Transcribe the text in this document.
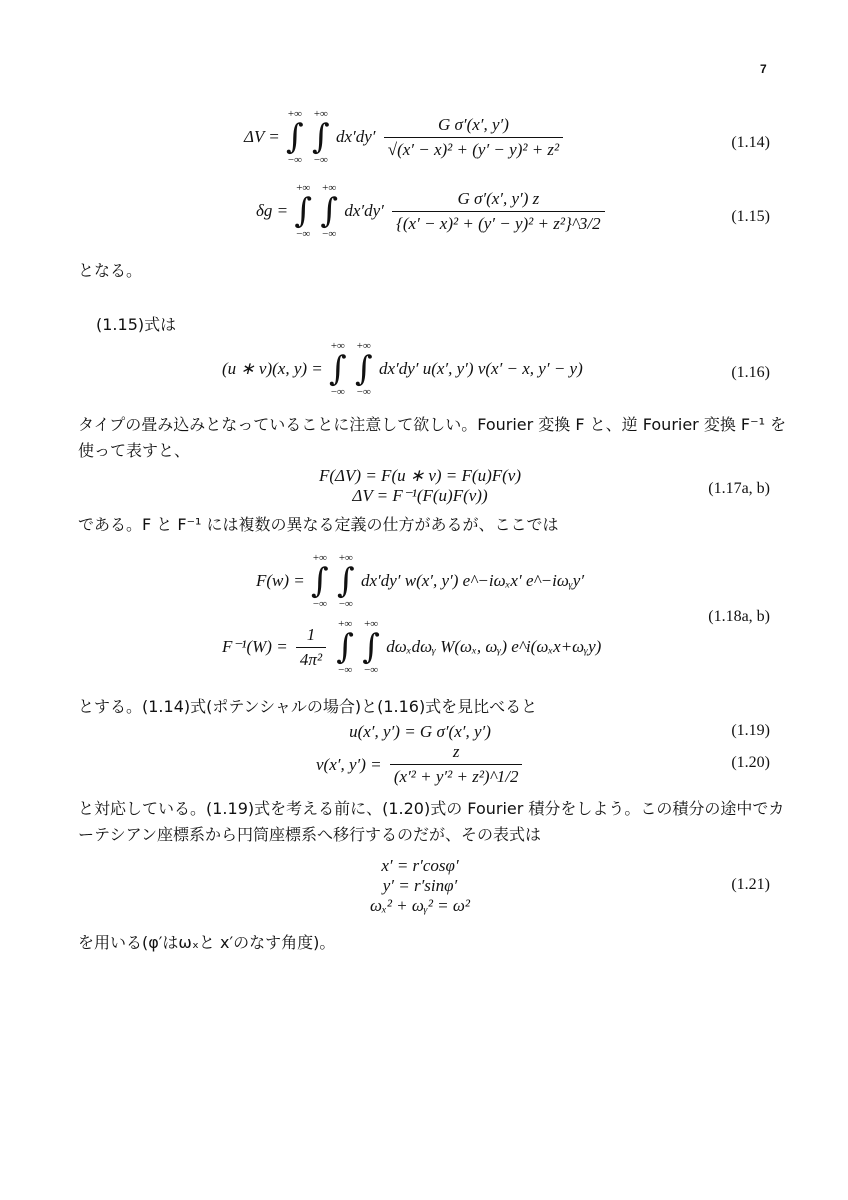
7
ΔV =
+∞
∫
−∞

+∞
∫
−∞
$dx'dy' \frac{\text{G σ′(x′, y′)}}{\text{√(x′ − x)² + (y′ − y)² + z²}}$	(1.14)
δg =
+∞
∫
−∞

+∞
∫
−∞
$dx'dy' \frac{\text{G σ′(x′, y′) z}}{\text{\{(x′ − x)² + (y′ − y)² + z²\}\textasciicircum{}3/2}}$	(1.15)
となる。
(1.15)式は
(u ∗ v)(x, y) =
+∞
∫
−∞

+∞
∫
−∞
dx′dy′ u(x′, y′) v(x′ − x, y′ − y)	(1.16)
タイプの畳み込みとなっていることに注意して欲しい。Fourier 変換 F と、逆 Fourier 変換 F⁻¹ を
使って表すと、
F(ΔV) = F(u ∗ v) = F(u)F(v)
ΔV = F⁻¹(F(u)F(v))	(1.17a, b)
である。F と F⁻¹ には複数の異なる定義の仕方があるが、ここでは
F(w) =
+∞
∫
−∞

+∞
∫
−∞
dx′dy′ w(x′, y′) e^−iωₓx′ e^−iωᵧy′
$F^{-1}(W) = \frac{1}{\text{4π²}}$

+∞
∫
−∞

+∞
∫
−∞
dωₓdωᵧ W(ωₓ, ωᵧ) e^i(ωₓx+ωᵧy)
(1.18a, b)
とする。(1.14)式(ポテンシャルの場合)と(1.16)式を見比べると
u(x′, y′) = G σ′(x′, y′)	(1.19)
v(x′, $y') = \frac{z}{\text{(x′² + y′² + z²)\textasciicircum{}1/2}}$	(1.20)
と対応している。(1.19)式を考える前に、(1.20)式の Fourier 積分をしよう。この積分の途中でカ
ーテシアン座標系から円筒座標系へ移行するのだが、その表式は
x′ = r′cosφ′
y′ = r′sinφ′
ωₓ² + ωᵧ² = ω²
(1.21)
を用いる(φ′はωₓと x′のなす角度)。
